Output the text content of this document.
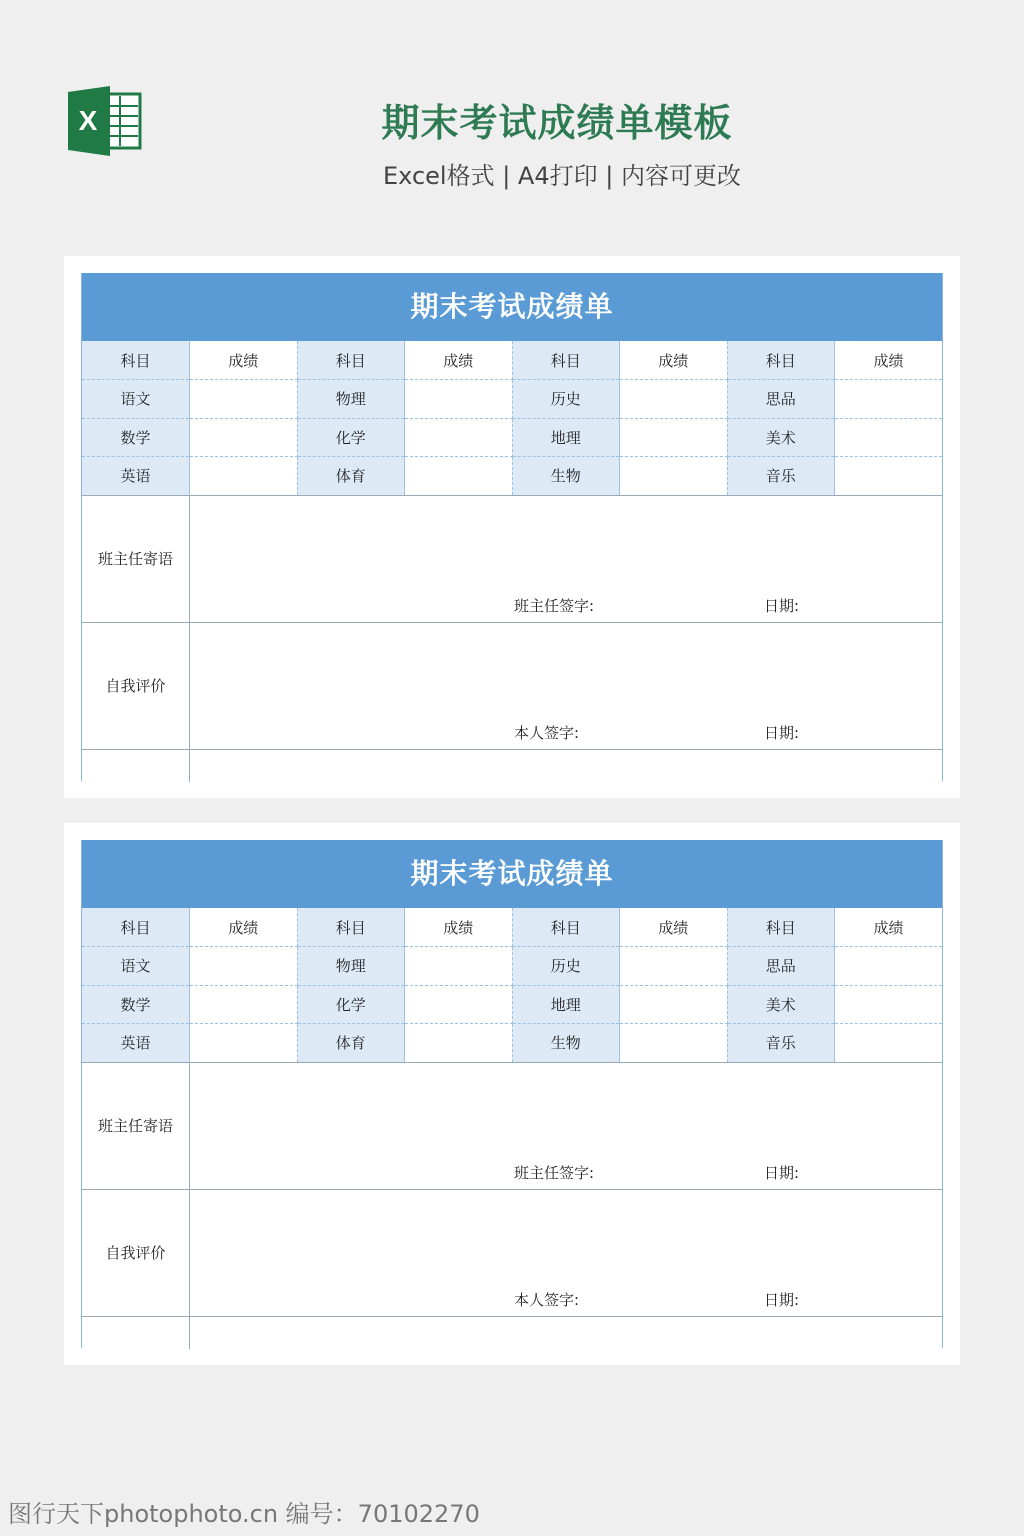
X	期末考试成绩单模板
Excel格式 | A4打印 | 内容可更改
期末考试成绩单
科目	成绩	科目	成绩	科目	成绩	科目	成绩
语文		物理		历史		思品	
数学		化学		地理		美术	
英语		体育		生物		音乐	
班主任寄语
班主任签字:	日期:
自我评价
本人签字:	日期:
期末考试成绩单
科目	成绩	科目	成绩	科目	成绩	科目	成绩
语文		物理		历史		思品	
数学		化学		地理		美术	
英语		体育		生物		音乐	
班主任寄语
班主任签字:	日期:
自我评价
本人签字:	日期:
图行天下photophoto.cn 编号：70102270
